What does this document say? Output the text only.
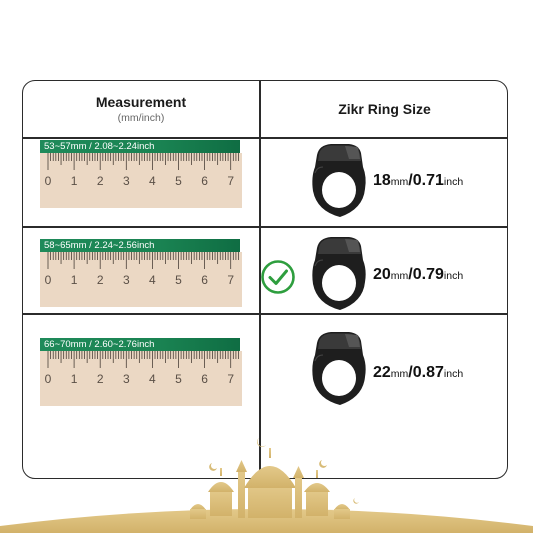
Measurement
(mm/inch)
Zikr Ring Size
53~57mm / 2.08~2.24inch
0 1 2 3 4 5 6 7	18mm/0.71inch
58~65mm / 2.24~2.56inch
0 1 2 3 4 5 6 7	20mm/0.79inch
66~70mm / 2.60~2.76inch
0 1 2 3 4 5 6 7	22mm/0.87inch
